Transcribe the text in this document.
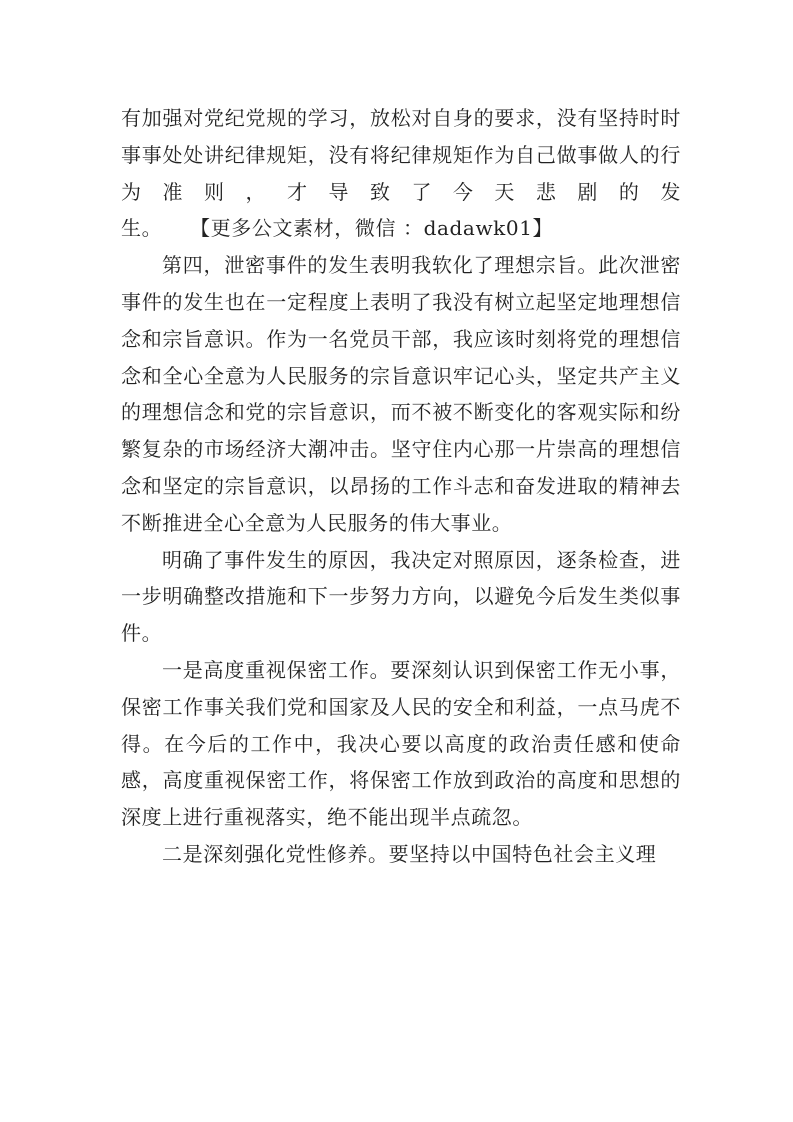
有加强对党纪党规的学习，放松对自身的要求，没有坚持时时事事处处讲纪律规矩，没有将纪律规矩作为自己做事做人的行为准则，才导致了今天悲剧的发生。 【更多公文素材，微信 ：dadawk01】

第四，泄密事件的发生表明我软化了理想宗旨。此次泄密事件的发生也在一定程度上表明了我没有树立起坚定地理想信念和宗旨意识。作为一名党员干部，我应该时刻将党的理想信念和全心全意为人民服务的宗旨意识牢记心头，坚定共产主义的理想信念和党的宗旨意识，而不被不断变化的客观实际和纷繁复杂的市场经济大潮冲击。坚守住内心那一片崇高的理想信念和坚定的宗旨意识，以昂扬的工作斗志和奋发进取的精神去不断推进全心全意为人民服务的伟大事业。

明确了事件发生的原因，我决定对照原因，逐条检查，进一步明确整改措施和下一步努力方向，以避免今后发生类似事件。

一是高度重视保密工作。要深刻认识到保密工作无小事，保密工作事关我们党和国家及人民的安全和利益，一点马虎不得。在今后的工作中，我决心要以高度的政治责任感和使命感，高度重视保密工作，将保密工作放到政治的高度和思想的深度上进行重视落实，绝不能出现半点疏忽。

二是深刻强化党性修养。要坚持以中国特色社会主义理
